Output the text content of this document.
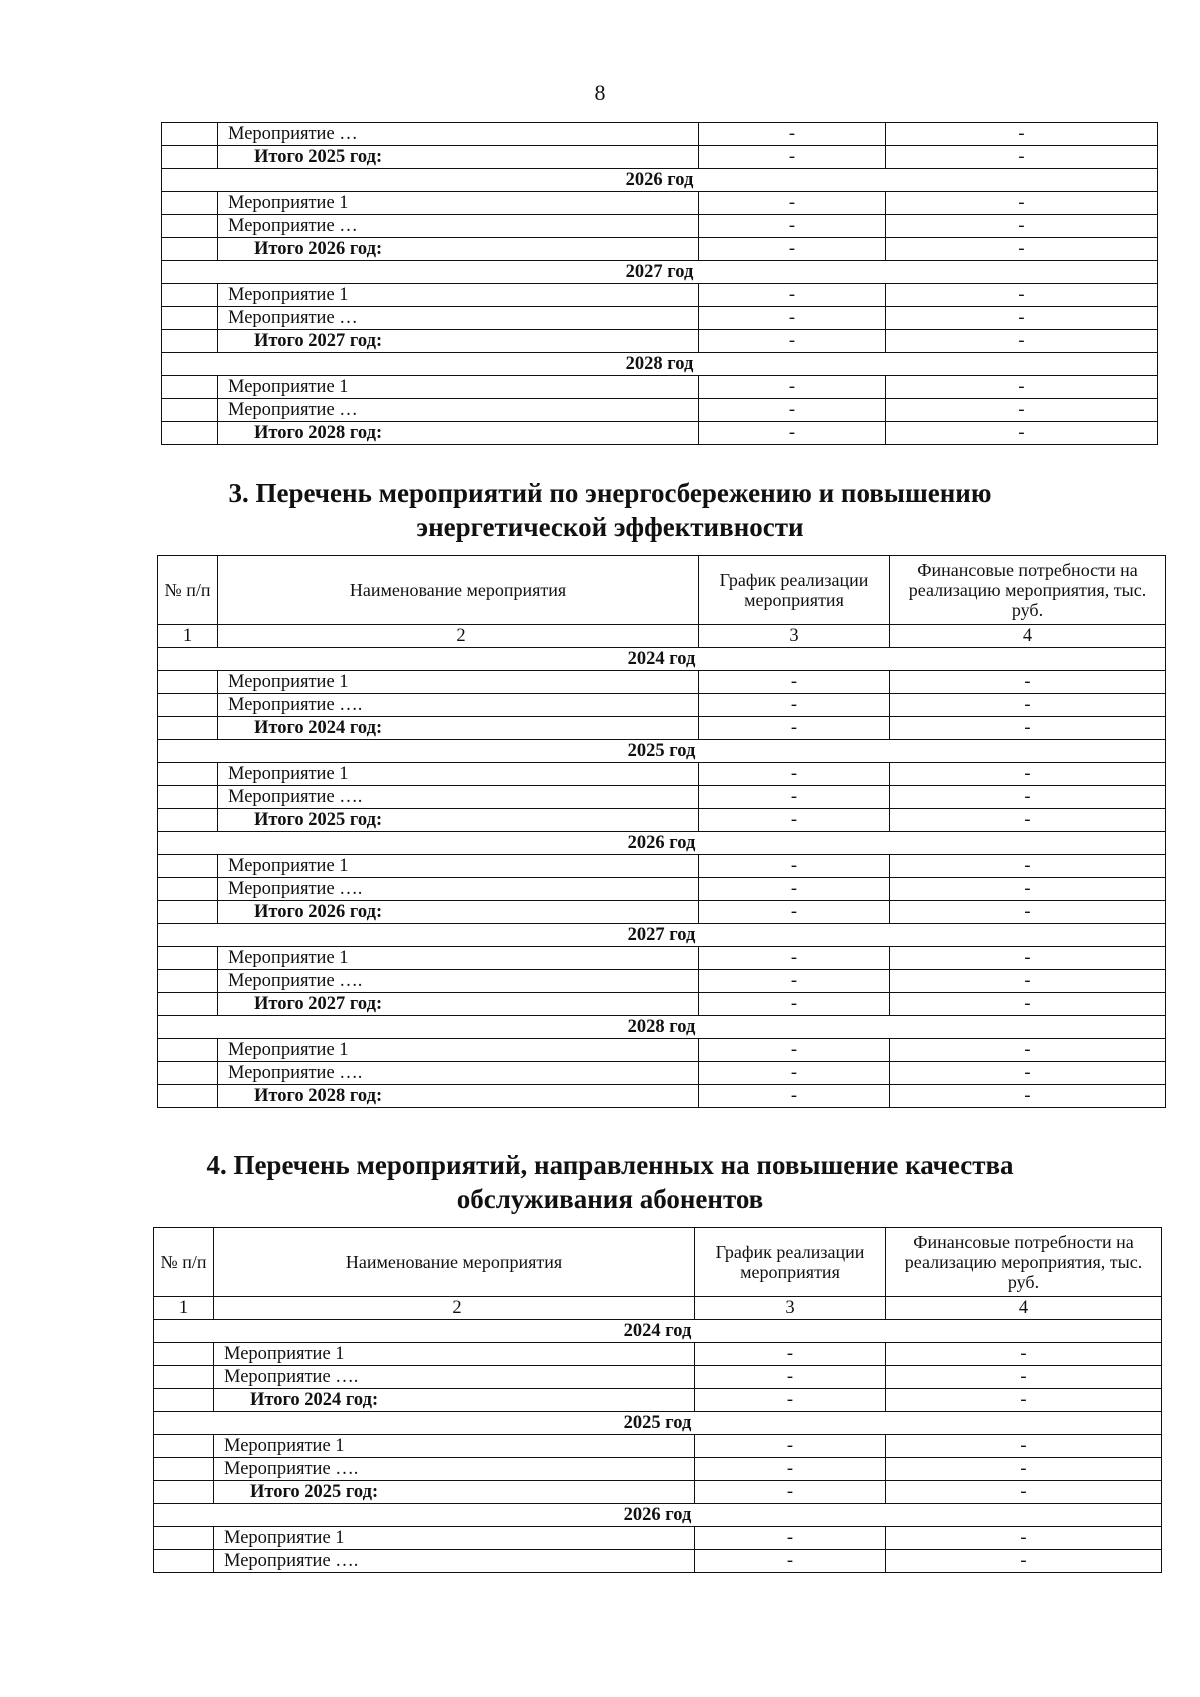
8
	Мероприятие …	-	-
	Итого 2025 год:	-	-
2026 год			
	Мероприятие 1	-	-
	Мероприятие …	-	-
	Итого 2026 год:	-	-
2027 год			
	Мероприятие 1	-	-
	Мероприятие …	-	-
	Итого 2027 год:	-	-
2028 год			
	Мероприятие 1	-	-
	Мероприятие …	-	-
	Итого 2028 год:	-	-
3. Перечень мероприятий по энергосбережению и повышению
энергетической эффективности
№ п/п	Наименование мероприятия	График реализации мероприятия	Финансовые потребности на реализацию мероприятия, тыс. руб.
1	2	3	4
2024 год			
	Мероприятие 1	-	-
	Мероприятие ….	-	-
	Итого 2024 год:	-	-
2025 год			
	Мероприятие 1	-	-
	Мероприятие ….	-	-
	Итого 2025 год:	-	-
2026 год			
	Мероприятие 1	-	-
	Мероприятие ….	-	-
	Итого 2026 год:	-	-
2027 год			
	Мероприятие 1	-	-
	Мероприятие ….	-	-
	Итого 2027 год:	-	-
2028 год			
	Мероприятие 1	-	-
	Мероприятие ….	-	-
	Итого 2028 год:	-	-
4. Перечень мероприятий, направленных на повышение качества
обслуживания абонентов
№ п/п	Наименование мероприятия	График реализации мероприятия	Финансовые потребности на реализацию мероприятия, тыс. руб.
1	2	3	4
2024 год			
	Мероприятие 1	-	-
	Мероприятие ….	-	-
	Итого 2024 год:	-	-
2025 год			
	Мероприятие 1	-	-
	Мероприятие ….	-	-
	Итого 2025 год:	-	-
2026 год			
	Мероприятие 1	-	-
	Мероприятие ….	-	-
